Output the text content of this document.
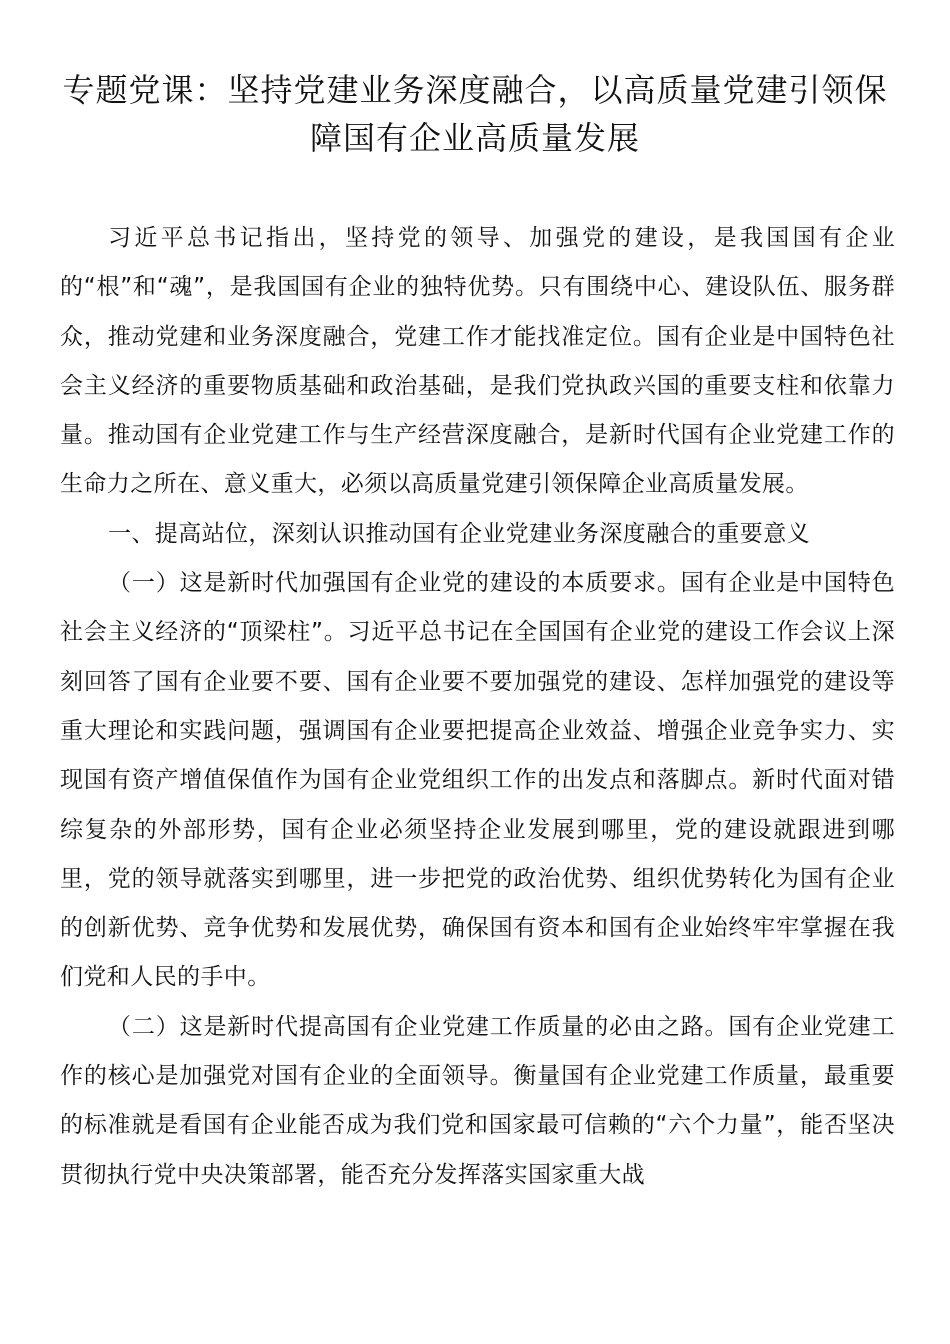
专题党课：坚持党建业务深度融合，以高质量党建引领保障国有企业高质量发展

习近平总书记指出，坚持党的领导、加强党的建设，是我国国有企业的“根”和“魂”，是我国国有企业的独特优势。只有围绕中心、建设队伍、服务群众，推动党建和业务深度融合，党建工作才能找准定位。国有企业是中国特色社会主义经济的重要物质基础和政治基础，是我们党执政兴国的重要支柱和依靠力量。推动国有企业党建工作与生产经营深度融合，是新时代国有企业党建工作的生命力之所在、意义重大，必须以高质量党建引领保障企业高质量发展。

一、提高站位，深刻认识推动国有企业党建业务深度融合的重要意义

（一）这是新时代加强国有企业党的建设的本质要求。国有企业是中国特色社会主义经济的“顶梁柱”。习近平总书记在全国国有企业党的建设工作会议上深刻回答了国有企业要不要、国有企业要不要加强党的建设、怎样加强党的建设等重大理论和实践问题，强调国有企业要把提高企业效益、增强企业竞争实力、实现国有资产增值保值作为国有企业党组织工作的出发点和落脚点。新时代面对错综复杂的外部形势，国有企业必须坚持企业发展到哪里，党的建设就跟进到哪里，党的领导就落实到哪里，进一步把党的政治优势、组织优势转化为国有企业的创新优势、竞争优势和发展优势，确保国有资本和国有企业始终牢牢掌握在我们党和人民的手中。

（二）这是新时代提高国有企业党建工作质量的必由之路。国有企业党建工作的核心是加强党对国有企业的全面领导。衡量国有企业党建工作质量，最重要的标准就是看国有企业能否成为我们党和国家最可信赖的“六个力量”，能否坚决贯彻执行党中央决策部署，能否充分发挥落实国家重大战
